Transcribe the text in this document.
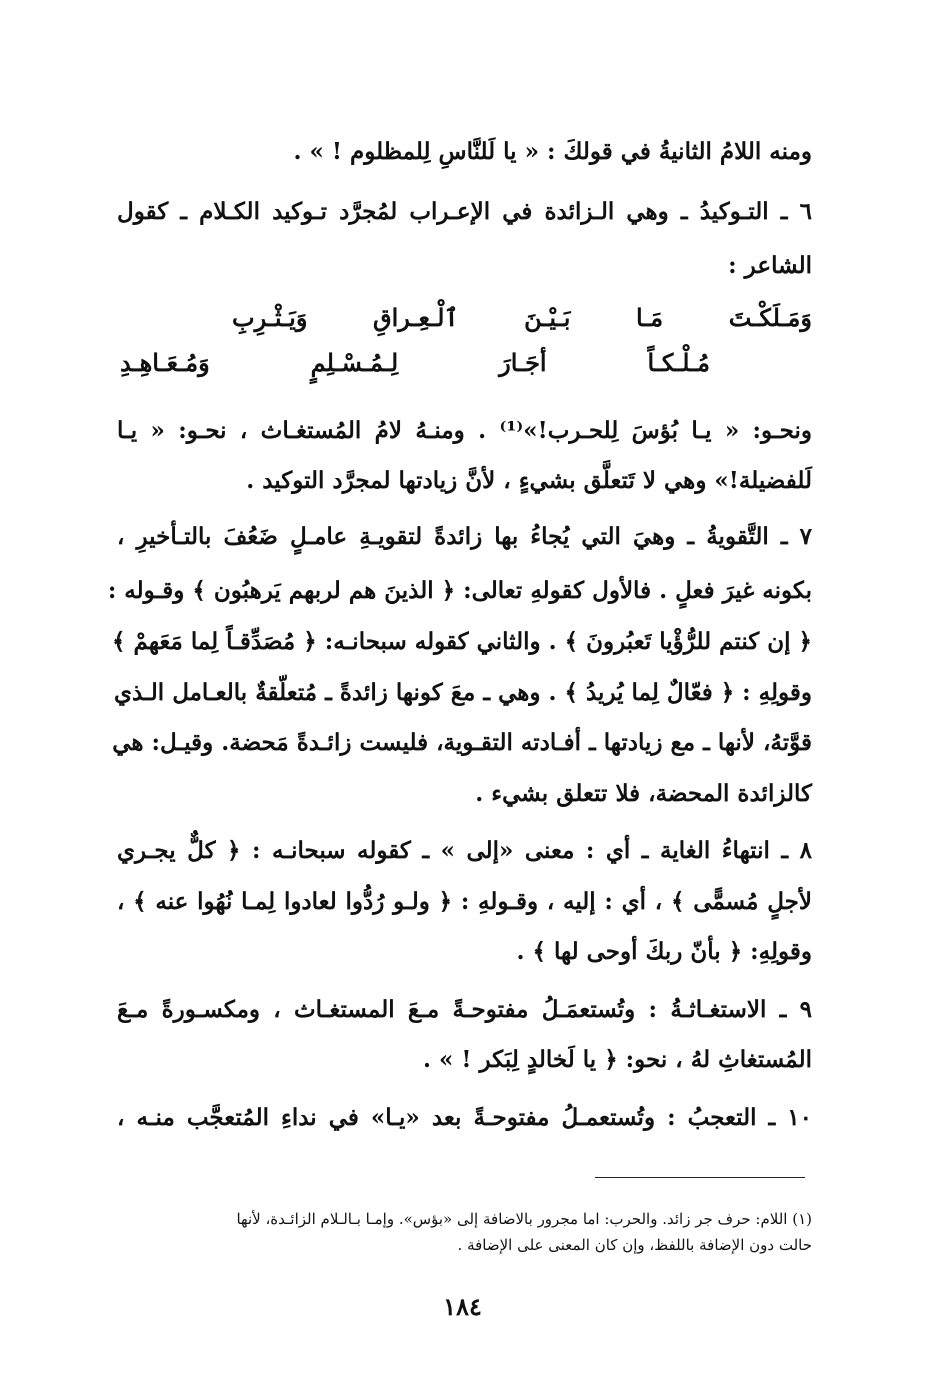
ومنه اللامُ الثانيةُ في قولكَ : « يا لَلنَّاسِ لِلمظلوم ! » .
٦ ـ التـوكيدُ ـ وهي الـزائدة في الإعـراب لمُجرَّد تـوكيد الكـلام ـ كقول
الشاعر :
وَمَـلَكْـتَ مَـا بَـيْـنَ ٱلْـعِـراقِ وَيَـثْـرِبِ
مُـلْـكـاً أجَـارَ لِـمُـسْـلِمٍ وَمُـعَـاهِـدِ
ونحـو: « يـا بُؤسَ لِلحـرب!»⁽¹⁾ . ومنـهُ لامُ المُستغـاث ، نحـو: « يـا
لَلفضيلة!» وهي لا تَتعلَّق بشيءٍ ، لأنَّ زيادتها لمجرَّد التوكيد .
٧ ـ التَّقويةُ ـ وهيَ التي يُجاءُ بها زائدةً لتقويـةِ عامـلٍ ضَعُفَ بالتـأخيرِ ،
بكونه غيرَ فعلٍ . فالأول كقولهِ تعالى: ﴿ الذينَ هم لربهم يَرهبُون ﴾ وقـوله :
﴿ إن كنتم للرُّؤْيا تَعبُرونَ ﴾ . والثاني كقوله سبحانـه: ﴿ مُصَدِّقـاً لِما مَعَهمْ ﴾
وقولِهِ : ﴿ فعّالٌ لِما يُريدُ ﴾ . وهي ـ معَ كونها زائدةً ـ مُتعلّقةٌ بالعـامل الـذي
قوَّتهُ، لأنها ـ مع زيادتها ـ أفـادته التقـوية، فليست زائـدةً مَحضة. وقيـل: هي
كالزائدة المحضة، فلا تتعلق بشيء .
٨ ـ انتهاءُ الغاية ـ أي : معنى «إلى » ـ كقوله سبحانـه : ﴿ كلٌّ يجـري
لأجلٍ مُسمًّى ﴾ ، أي : إليه ، وقـولهِ : ﴿ ولـو رُدُّوا لعادوا لِمـا نُهُوا عنه ﴾ ،
وقولِهِ: ﴿ بأنّ ربكَ أوحى لها ﴾ .
٩ ـ الاستغـاثـةُ : وتُستعمَـلُ مفتوحـةً مـعَ المستغـاث ، ومكسـورةً مـعَ
المُستغاثِ لهُ ، نحو: ﴿ يا لَخالدٍ لِبَكر ! » .
١٠ ـ التعجبُ : وتُستعمـلُ مفتوحـةً بعد «يـا» في نداءِ المُتعجَّب منـه ،
(١) اللام: حرف جر زائد. والحرب: اما مجرور بالاضافة إلى «بؤس». وإمـا بـالـلام الزائـدة، لأنها
حالت دون الإضافة باللفظ، وإن كان المعنى على الإضافة .
١٨٤
